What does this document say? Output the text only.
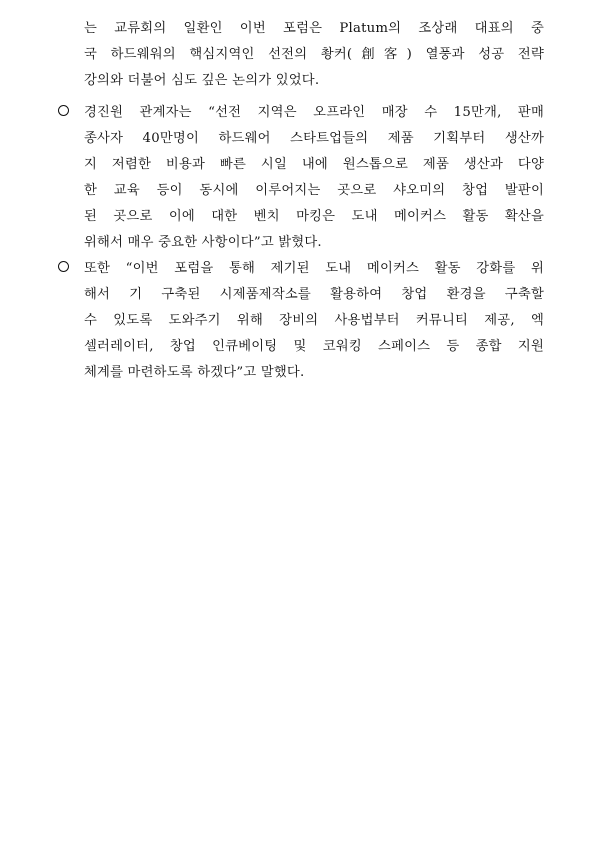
는 교류회의 일환인 이번 포럼은 Platum의 조상래 대표의 중
국 하드웨워의 핵심지역인 선전의 촹커(創客) 열풍과 성공 전략
강의와 더불어 심도 깊은 논의가 있었다.
경진원 관계자는 “선전 지역은 오프라인 매장 수 15만개, 판매
종사자 40만명이 하드웨어 스타트업들의 제품 기획부터 생산까
지 저렴한 비용과 빠른 시일 내에 원스톱으로 제품 생산과 다양
한 교육 등이 동시에 이루어지는 곳으로 샤오미의 창업 발판이
된 곳으로 이에 대한 벤치 마킹은 도내 메이커스 활동 확산을
위해서 매우 중요한 사항이다”고 밝혔다.
또한 “이번 포럼을 통해 제기된 도내 메이커스 활동 강화를 위
해서 기 구축된 시제품제작소를 활용하여 창업 환경을 구축할
수 있도록 도와주기 위해 장비의 사용법부터 커뮤니티 제공, 엑
셀러레이터, 창업 인큐베이팅 및 코워킹 스페이스 등 종합 지원
체계를 마련하도록 하겠다”고 말했다.
